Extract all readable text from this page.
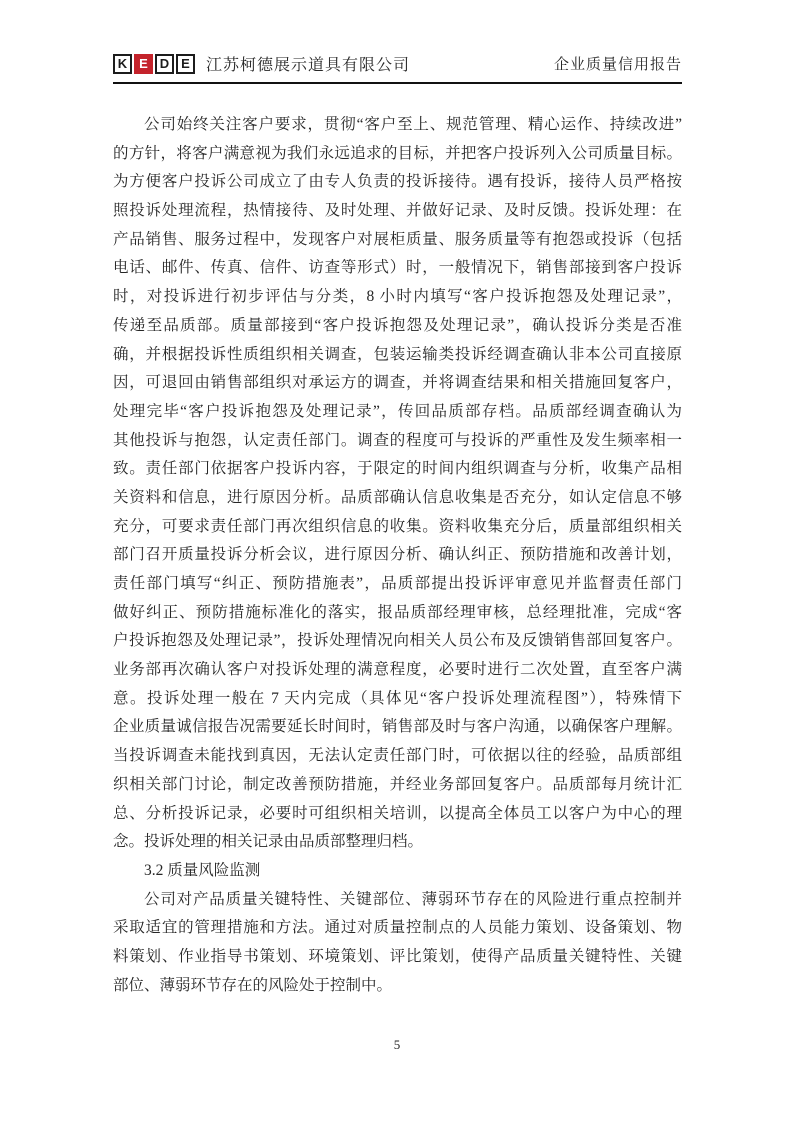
K E D E	江苏柯德展示道具有限公司	企业质量信用报告
公司始终关注客户要求，贯彻“客户至上、规范管理、精心运作、持续改进”
的方针，将客户满意视为我们永远追求的目标，并把客户投诉列入公司质量目标。
为方便客户投诉公司成立了由专人负责的投诉接待。遇有投诉，接待人员严格按
照投诉处理流程，热情接待、及时处理、并做好记录、及时反馈。投诉处理：在
产品销售、服务过程中，发现客户对展柜质量、服务质量等有抱怨或投诉（包括
电话、邮件、传真、信件、访查等形式）时，一般情况下，销售部接到客户投诉
时，对投诉进行初步评估与分类，8 小时内填写“客户投诉抱怨及处理记录”，
传递至品质部。质量部接到“客户投诉抱怨及处理记录”，确认投诉分类是否准
确，并根据投诉性质组织相关调查，包装运输类投诉经调查确认非本公司直接原
因，可退回由销售部组织对承运方的调查，并将调查结果和相关措施回复客户，
处理完毕“客户投诉抱怨及处理记录”，传回品质部存档。品质部经调查确认为
其他投诉与抱怨，认定责任部门。调查的程度可与投诉的严重性及发生频率相一
致。责任部门依据客户投诉内容，于限定的时间内组织调查与分析，收集产品相
关资料和信息，进行原因分析。品质部确认信息收集是否充分，如认定信息不够
充分，可要求责任部门再次组织信息的收集。资料收集充分后，质量部组织相关
部门召开质量投诉分析会议，进行原因分析、确认纠正、预防措施和改善计划，
责任部门填写“纠正、预防措施表”，品质部提出投诉评审意见并监督责任部门
做好纠正、预防措施标准化的落实，报品质部经理审核，总经理批准，完成“客
户投诉抱怨及处理记录”，投诉处理情况向相关人员公布及反馈销售部回复客户。
业务部再次确认客户对投诉处理的满意程度，必要时进行二次处置，直至客户满
意。投诉处理一般在 7 天内完成（具体见“客户投诉处理流程图”），特殊情下
企业质量诚信报告况需要延长时间时，销售部及时与客户沟通，以确保客户理解。
当投诉调查未能找到真因，无法认定责任部门时，可依据以往的经验，品质部组
织相关部门讨论，制定改善预防措施，并经业务部回复客户。品质部每月统计汇
总、分析投诉记录，必要时可组织相关培训，以提高全体员工以客户为中心的理
念。投诉处理的相关记录由品质部整理归档。
3.2 质量风险监测
公司对产品质量关键特性、关键部位、薄弱环节存在的风险进行重点控制并
采取适宜的管理措施和方法。通过对质量控制点的人员能力策划、设备策划、物
料策划、作业指导书策划、环境策划、评比策划，使得产品质量关键特性、关键
部位、薄弱环节存在的风险处于控制中。
5
